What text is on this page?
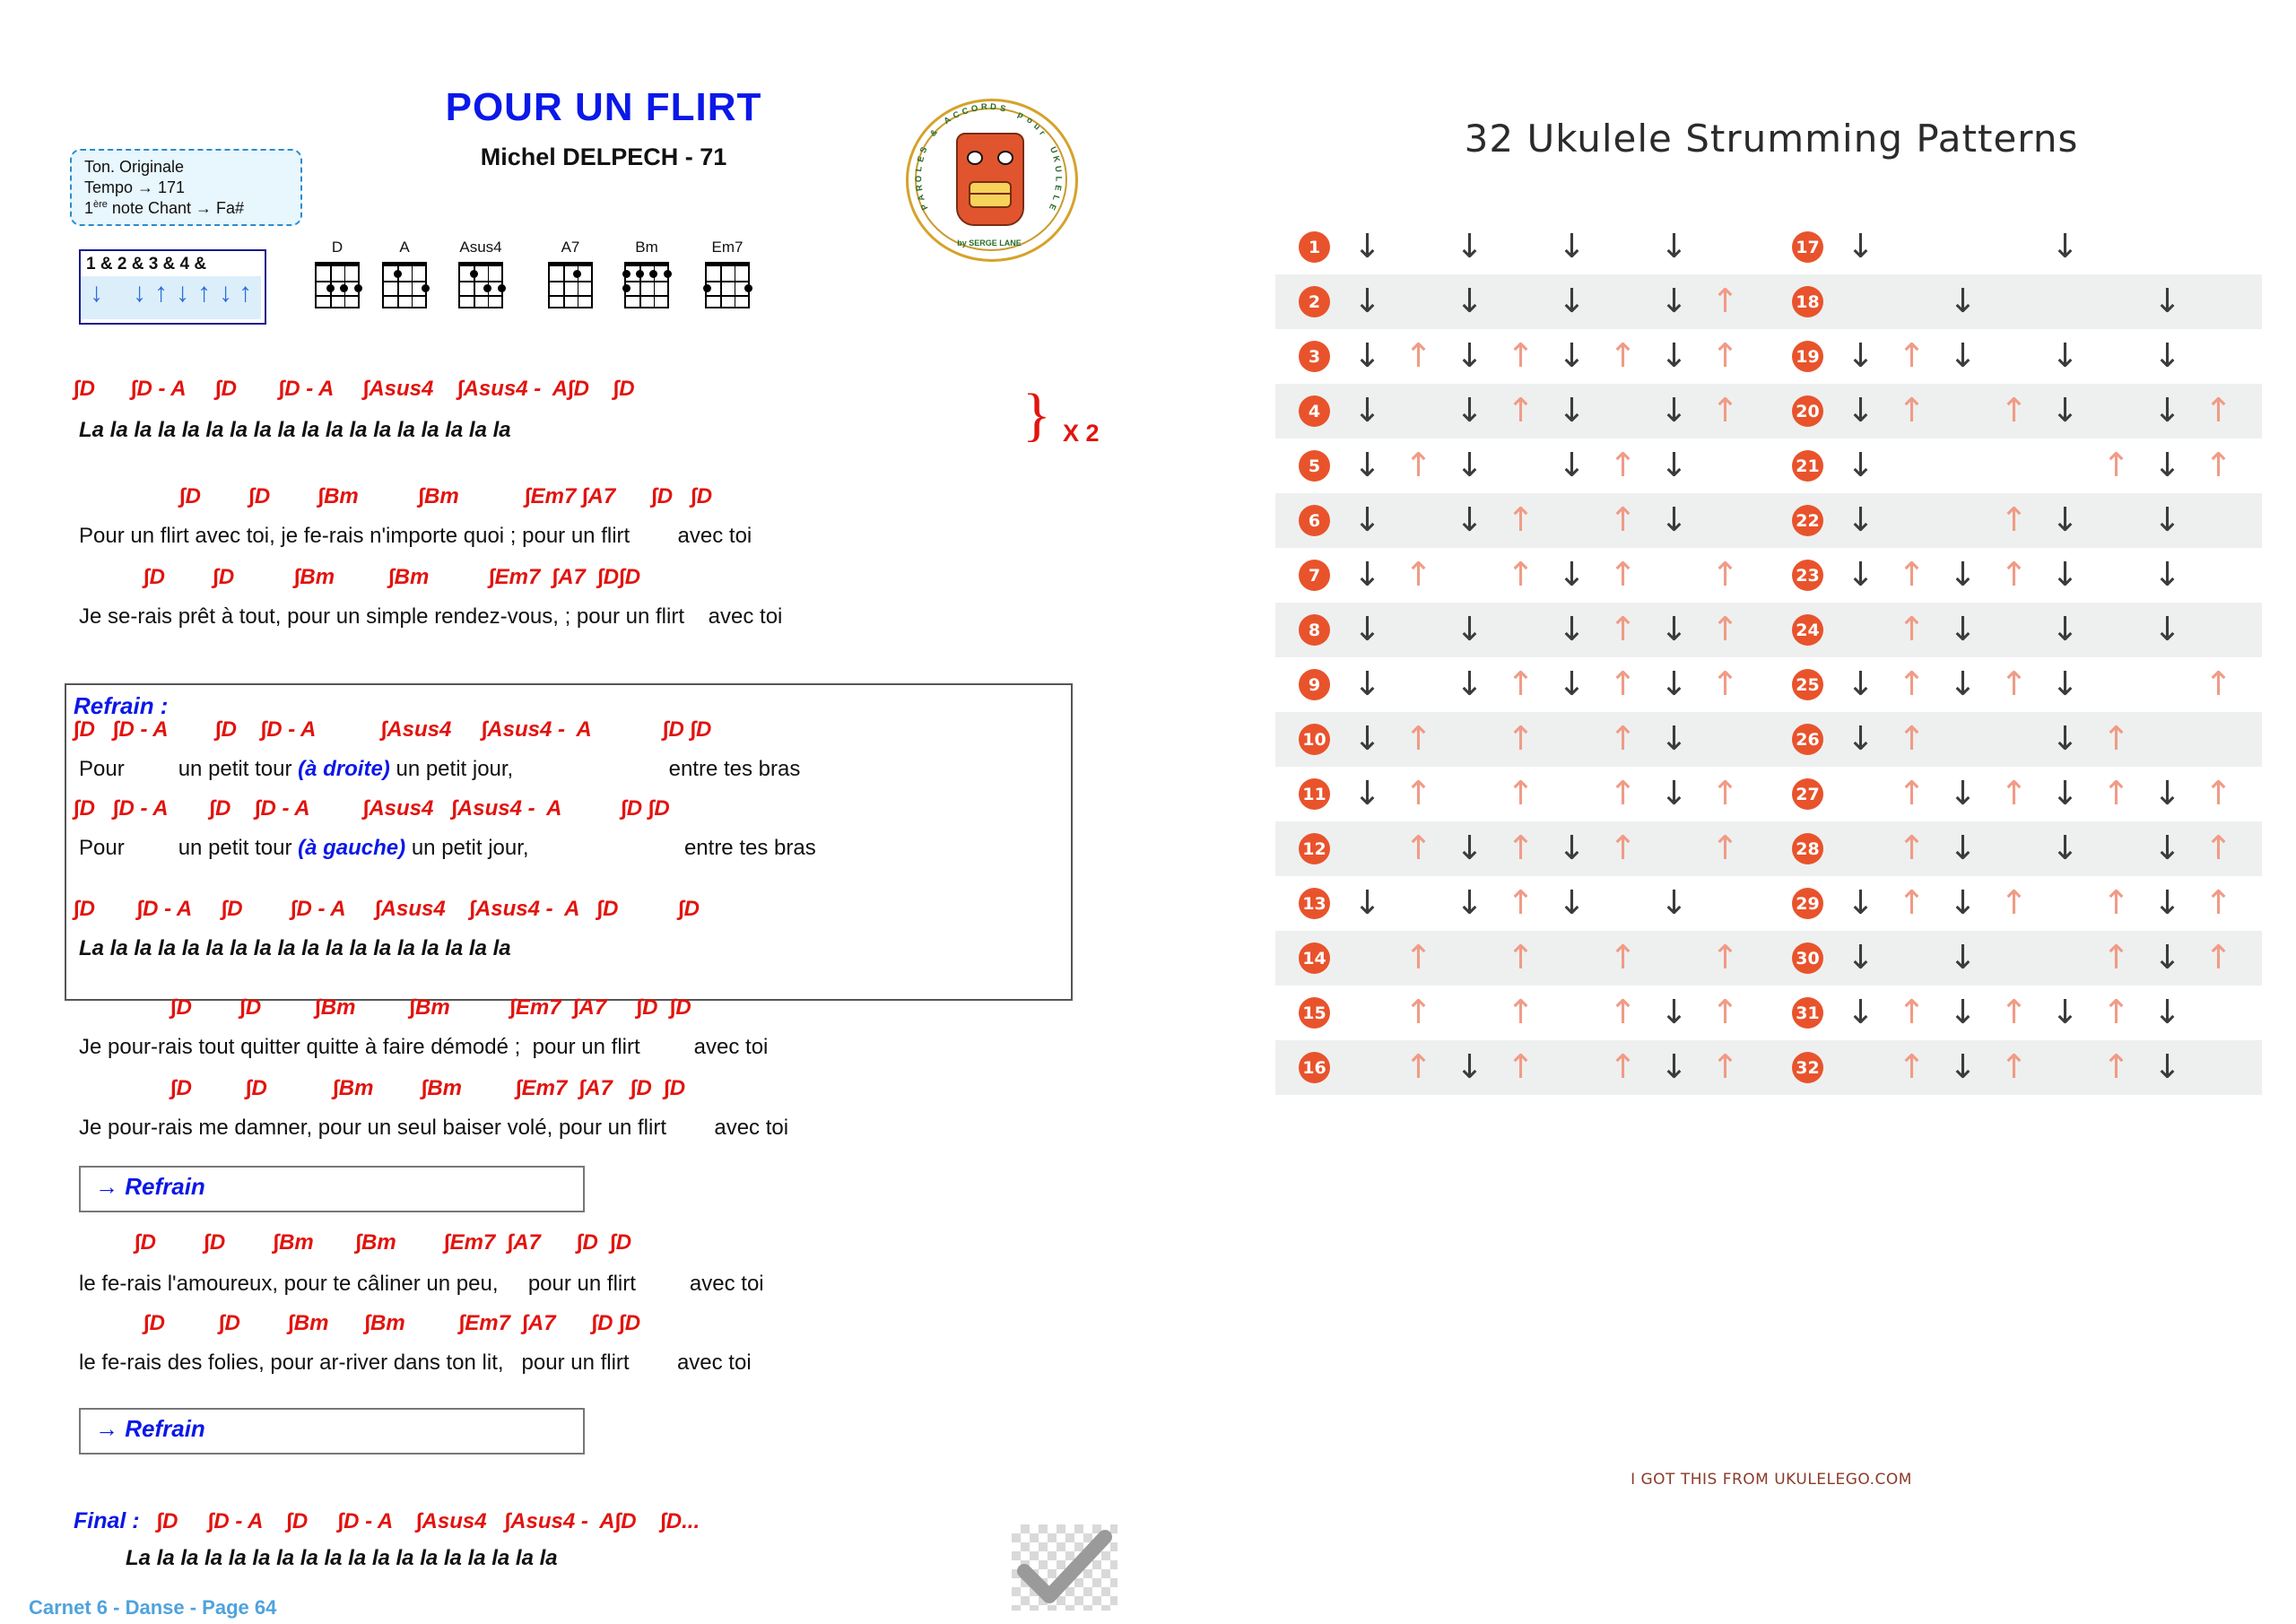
POUR UN FLIRT
Michel DELPECH - 71
Ton. Originale
Tempo → 171
1ère note Chant → Fa#
1 & 2 & 3 & 4 &
↓ ↓ ↑ ↓ ↑ ↓ ↑
D	A	Asus4	A7	Bm	Em7
P
A
R
O
L
E
S
&
A
C C O R D S
p
o
u
r
U
K
U
L
E
L
E
by SERGE LANE
∫D      ∫D - A     ∫D       ∫D - A     ∫Asus4    ∫Asus4 -  A∫D    ∫D
La la la la la la la la la la la la la la la la la la	} X 2
∫D        ∫D        ∫Bm          ∫Bm           ∫Em7 ∫A7      ∫D   ∫D
Pour un flirt avec toi, je fe-rais n'importe quoi ; pour un flirt        avec toi
∫D        ∫D          ∫Bm         ∫Bm          ∫Em7  ∫A7  ∫D∫D
Je se-rais prêt à tout, pour un simple rendez-vous, ; pour un flirt    avec toi
Refrain :
∫D   ∫D - A        ∫D    ∫D - A           ∫Asus4     ∫Asus4 -  A            ∫D ∫D
Pour         un petit tour (à droite) un petit jour,                          entre tes bras
∫D   ∫D - A       ∫D    ∫D - A         ∫Asus4   ∫Asus4 -  A          ∫D ∫D
Pour         un petit tour (à gauche) un petit jour,                          entre tes bras
∫D       ∫D - A     ∫D        ∫D - A     ∫Asus4    ∫Asus4 -  A   ∫D          ∫D
La la la la la la la la la la la la la la la la la la
∫D        ∫D         ∫Bm         ∫Bm          ∫Em7  ∫A7     ∫D  ∫D
Je pour-rais tout quitter quitte à faire démodé ;  pour un flirt         avec toi
∫D         ∫D           ∫Bm        ∫Bm         ∫Em7  ∫A7   ∫D  ∫D
Je pour-rais me damner, pour un seul baiser volé, pour un flirt        avec toi
→ Refrain
∫D        ∫D        ∫Bm       ∫Bm        ∫Em7  ∫A7      ∫D  ∫D
le fe-rais l'amoureux, pour te câliner un peu,     pour un flirt         avec toi
∫D         ∫D        ∫Bm      ∫Bm         ∫Em7  ∫A7      ∫D ∫D
le fe-rais des folies, pour ar-river dans ton lit,   pour un flirt        avec toi
→ Refrain
Final : ∫D     ∫D - A    ∫D     ∫D - A    ∫Asus4   ∫Asus4 -  A∫D    ∫D...
La la la la la la la la la la la la la la la la la la
Carnet 6 - Danse - Page 64
32 Ukulele Strumming Patterns
1 ↓	↓	↓	↓	17 ↓	↓
2 ↓	↓	↓	↓ ↑	18	↓	↓
3 ↓ ↑ ↓ ↑ ↓ ↑ ↓ ↑	19 ↓ ↑ ↓	↓	↓
4 ↓	↓ ↑ ↓	↓ ↑	20 ↓ ↑	↑ ↓	↓ ↑
5 ↓ ↑ ↓	↓ ↑ ↓	21 ↓	↑ ↓ ↑
6 ↓	↓ ↑	↑ ↓	22 ↓	↑ ↓	↓
7 ↓ ↑	↑ ↓ ↑	↑	23 ↓ ↑ ↓ ↑ ↓	↓
8 ↓	↓	↓ ↑ ↓ ↑	24	↑ ↓	↓	↓
9 ↓	↓ ↑ ↓ ↑ ↓ ↑	25 ↓ ↑ ↓ ↑ ↓	↑
10 ↓ ↑	↑	↑ ↓	26 ↓ ↑	↓ ↑
11 ↓ ↑	↑	↑ ↓ ↑	27	↑ ↓ ↑ ↓ ↑ ↓ ↑
12	↑ ↓ ↑ ↓ ↑	↑	28	↑ ↓	↓	↓ ↑
13 ↓	↓ ↑ ↓	↓	29 ↓ ↑ ↓ ↑	↑ ↓ ↑
14	↑	↑	↑	↑	30 ↓	↓	↑ ↓ ↑
15	↑	↑	↑ ↓ ↑	31 ↓ ↑ ↓ ↑ ↓ ↑ ↓
16	↑ ↓ ↑	↑ ↓ ↑	32	↑ ↓ ↑	↑ ↓
I GOT THIS FROM UKULELEGO.COM
